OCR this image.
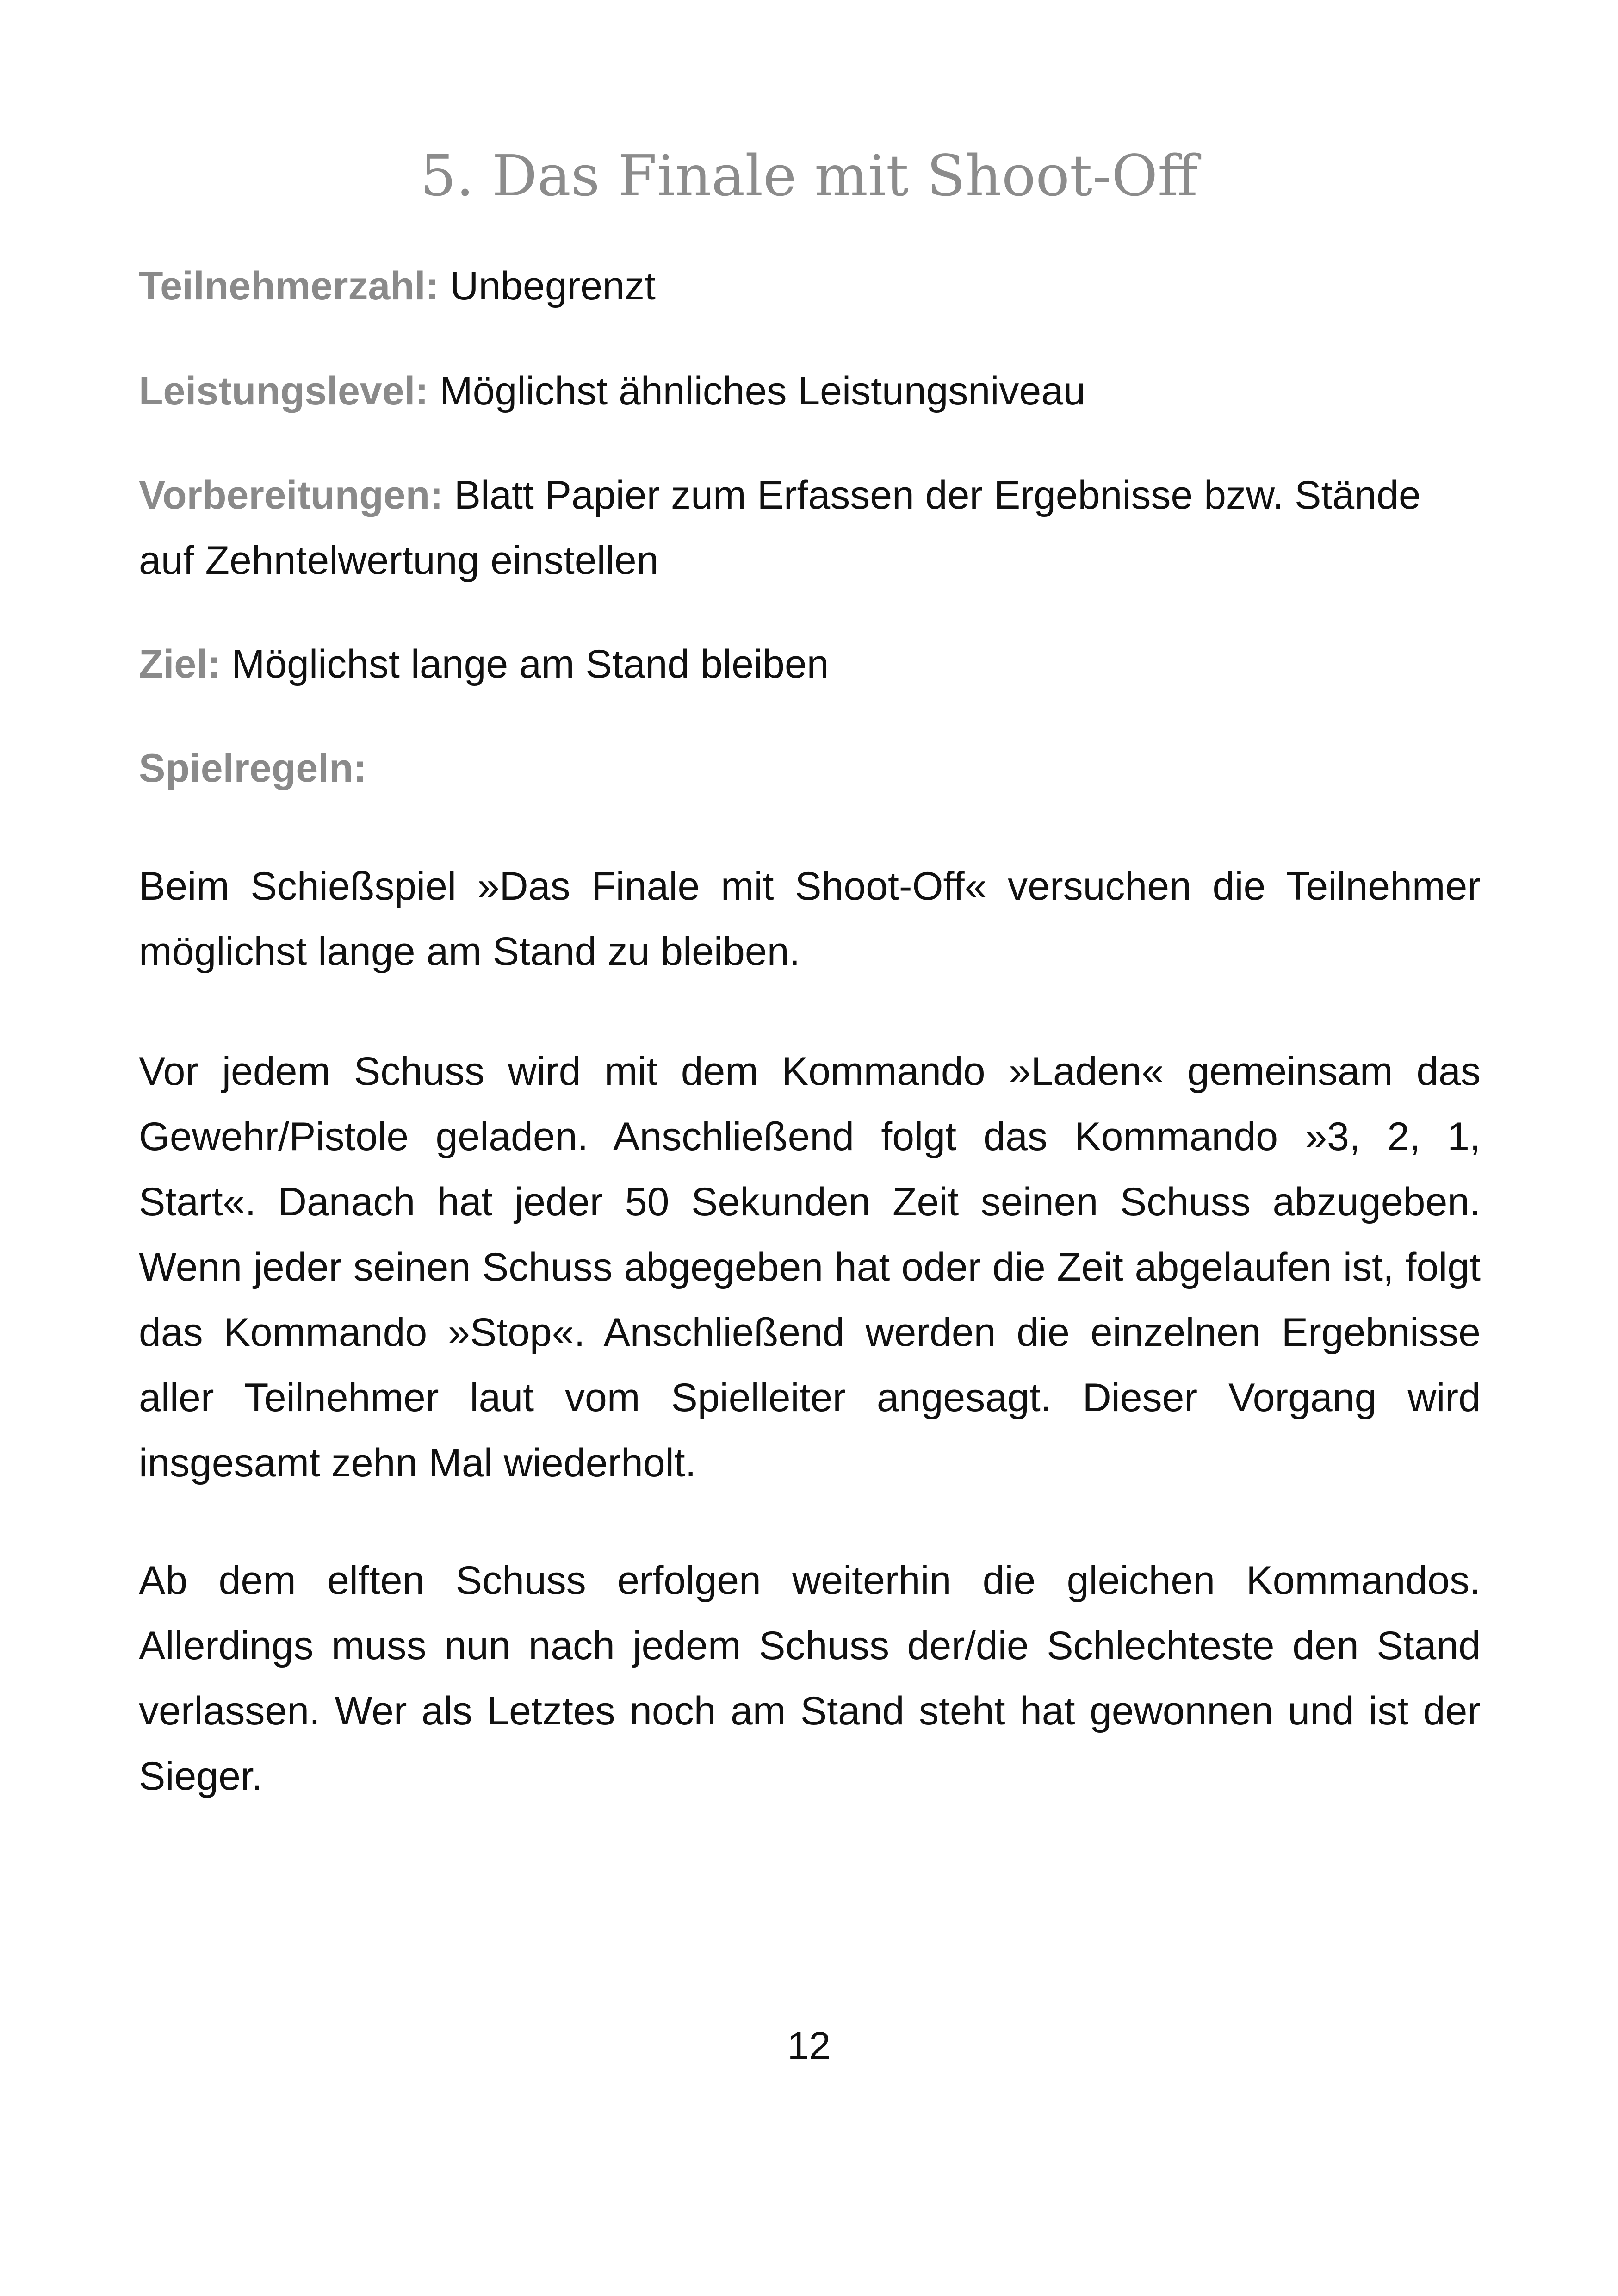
5. Das Finale mit Shoot-Off

Teilnehmerzahl: Unbegrenzt

Leistungslevel: Möglichst ähnliches Leistungsniveau

Vorbereitungen: Blatt Papier zum Erfassen der Ergebnisse bzw. Stände auf Zehntelwertung einstellen

Ziel: Möglichst lange am Stand bleiben

Spielregeln:

Beim Schießspiel »Das Finale mit Shoot-Off« versuchen die Teilnehmer möglichst lange am Stand zu bleiben.

Vor jedem Schuss wird mit dem Kommando »Laden« gemeinsam das Gewehr/Pistole geladen. Anschließend folgt das Kommando »3, 2, 1, Start«. Danach hat jeder 50 Sekunden Zeit seinen Schuss abzugeben. Wenn jeder seinen Schuss abgegeben hat oder die Zeit abgelaufen ist, folgt das Kommando »Stop«. Anschließend werden die einzelnen Ergebnisse aller Teilnehmer laut vom Spielleiter angesagt. Dieser Vorgang wird insgesamt zehn Mal wiederholt.

Ab dem elften Schuss erfolgen weiterhin die gleichen Kommandos. Allerdings muss nun nach jedem Schuss der/die Schlechteste den Stand verlassen. Wer als Letztes noch am Stand steht hat gewonnen und ist der Sieger.

12
